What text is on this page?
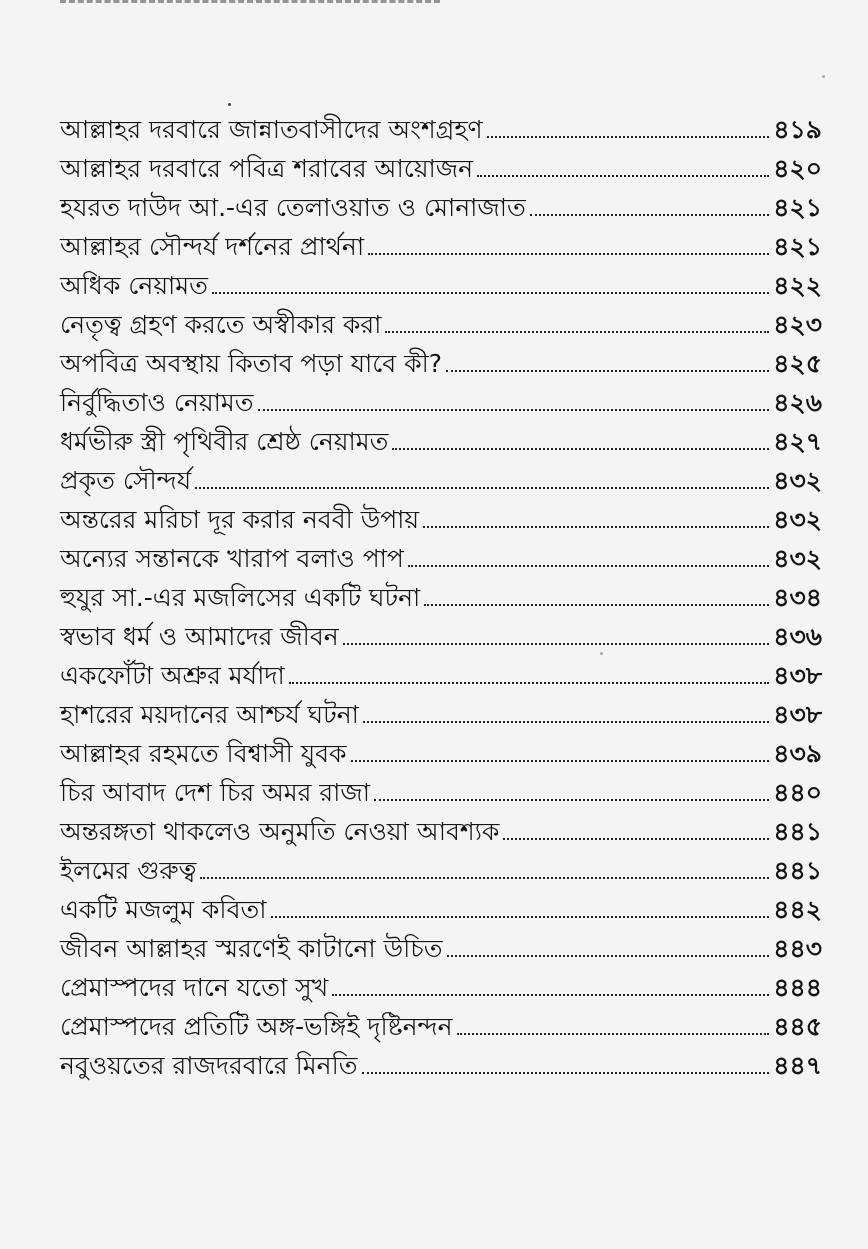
আল্লাহর দরবারে জান্নাতবাসীদের অংশগ্রহণ	৪১৯
আল্লাহর দরবারে পবিত্র শরাবের আয়োজন	৪২০
হযরত দাউদ আ.-এর তেলাওয়াত ও মোনাজাত	৪২১
আল্লাহর সৌন্দর্য দর্শনের প্রার্থনা	৪২১
অধিক নেয়ামত	৪২২
নেতৃত্ব গ্রহণ করতে অস্বীকার করা	৪২৩
অপবিত্র অবস্থায় কিতাব পড়া যাবে কী?	৪২৫
নির্বুদ্ধিতাও নেয়ামত	৪২৬
ধর্মভীরু স্ত্রী পৃথিবীর শ্রেষ্ঠ নেয়ামত	৪২৭
প্রকৃত সৌন্দর্য	৪৩২
অন্তরের মরিচা দূর করার নববী উপায়	৪৩২
অন্যের সন্তানকে খারাপ বলাও পাপ	৪৩২
হুযুর সা.-এর মজলিসের একটি ঘটনা	৪৩৪
স্বভাব ধর্ম ও আমাদের জীবন	৪৩৬
একফোঁটা অশ্রুর মর্যাদা	৪৩৮
হাশরের ময়দানের আশ্চর্য ঘটনা	৪৩৮
আল্লাহর রহমতে বিশ্বাসী যুবক	৪৩৯
চির আবাদ দেশ চির অমর রাজা	৪৪০
অন্তরঙ্গতা থাকলেও অনুমতি নেওয়া আবশ্যক	৪৪১
ইলমের গুরুত্ব	৪৪১
একটি মজলুম কবিতা	৪৪২
জীবন আল্লাহর স্মরণেই কাটানো উচিত	৪৪৩
প্রেমাস্পদের দানে যতো সুখ	৪৪৪
প্রেমাস্পদের প্রতিটি অঙ্গ-ভঙ্গিই দৃষ্টিনন্দন	৪৪৫
নবুওয়তের রাজদরবারে মিনতি	৪৪৭
